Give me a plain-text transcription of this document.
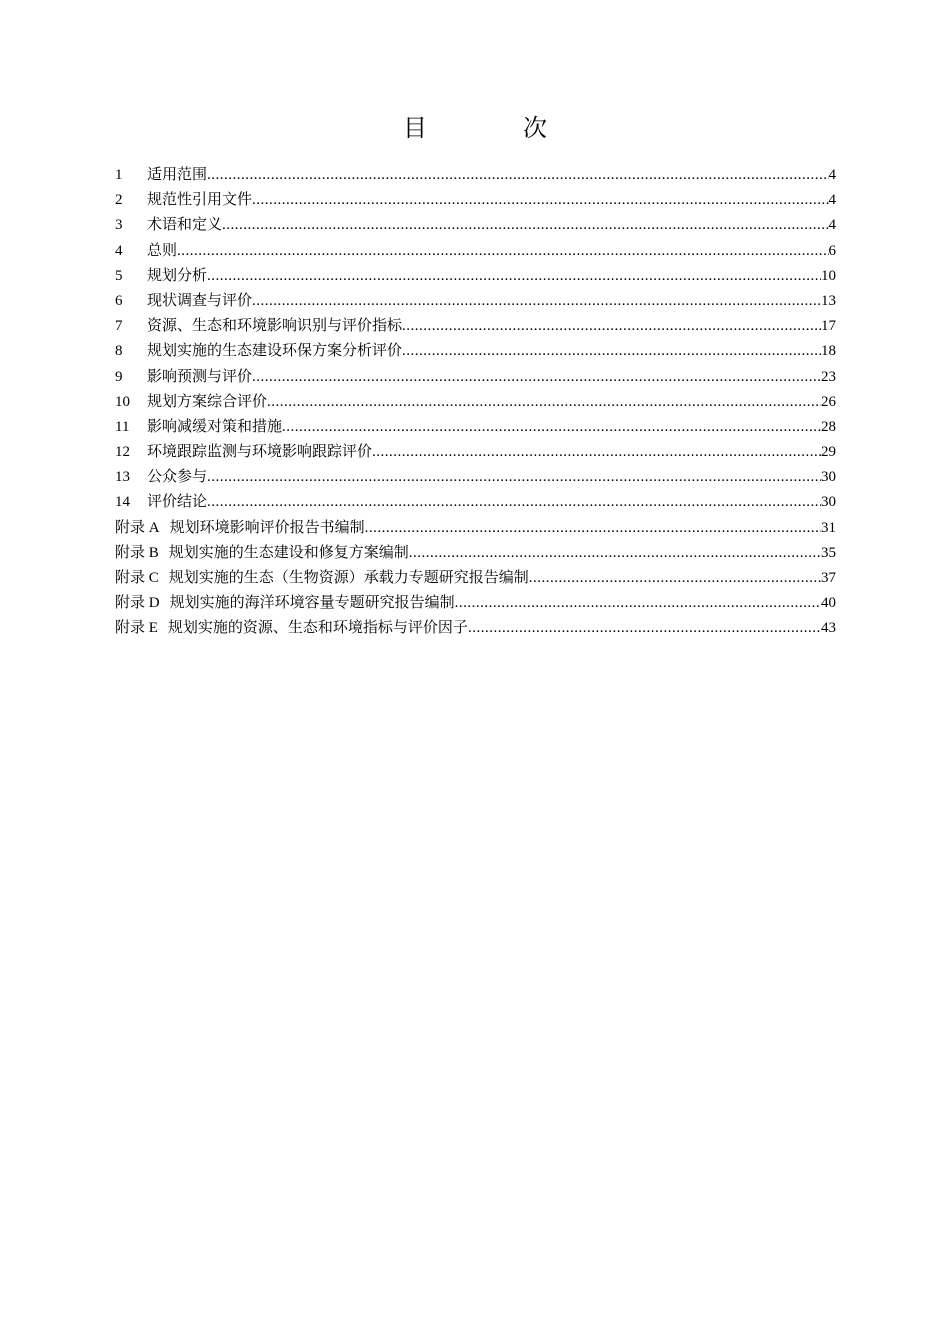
目　次
1	适用范围 .....	4
2	规范性引用文件 .....	4
3	术语和定义 .....	4
4	总则 .....	6
5	规划分析 .....	10
6	现状调查与评价 .....	13
7	资源、生态和环境影响识别与评价指标 .....	17
8	规划实施的生态建设环保方案分析评价 .....	18
9	影响预测与评价 .....	23
10	规划方案综合评价 .....	26
11	影响减缓对策和措施 .....	28
12	环境跟踪监测与环境影响跟踪评价 .....	29
13	公众参与 .....	30
14	评价结论 .....	30
附录 A 规划环境影响评价报告书编制 .....	31
附录 B 规划实施的生态建设和修复方案编制 .....	35
附录 C 规划实施的生态（生物资源）承载力专题研究报告编制 .....	37
附录 D 规划实施的海洋环境容量专题研究报告编制 .....	40
附录 E 规划实施的资源、生态和环境指标与评价因子 .....	43
